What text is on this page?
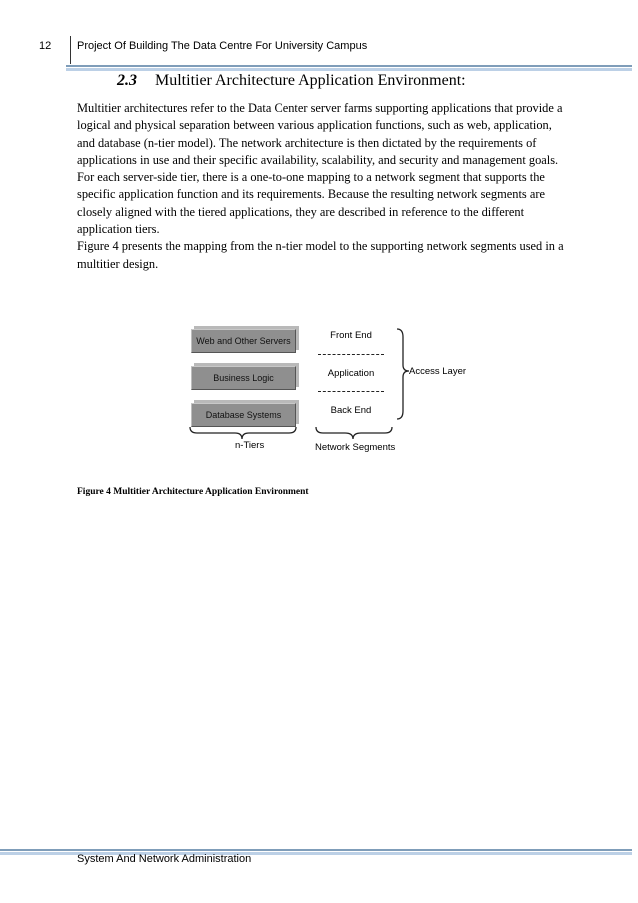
12 Project Of Building The Data Centre For University Campus
2.3 Multitier Architecture Application Environment:

Multitier architectures refer to the Data Center server farms supporting applications that provide a logical and physical separation between various application functions, such as web, application, and database (n-tier model). The network architecture is then dictated by the requirements of applications in use and their specific availability, scalability, and security and management goals. For each server-side tier, there is a one-to-one mapping to a network segment that supports the specific application function and its requirements. Because the resulting network segments are closely aligned with the tiered applications, they are described in reference to the different application tiers.

Figure 4 presents the mapping from the n-tier model to the supporting network segments used in a multitier design.

Web and Other Servers
Business Logic
Database Systems
Front End
Application
Back End
n-Tiers	Network Segments
Access Layer
Figure 4 Multitier Architecture Application Environment
System And Network Administration
